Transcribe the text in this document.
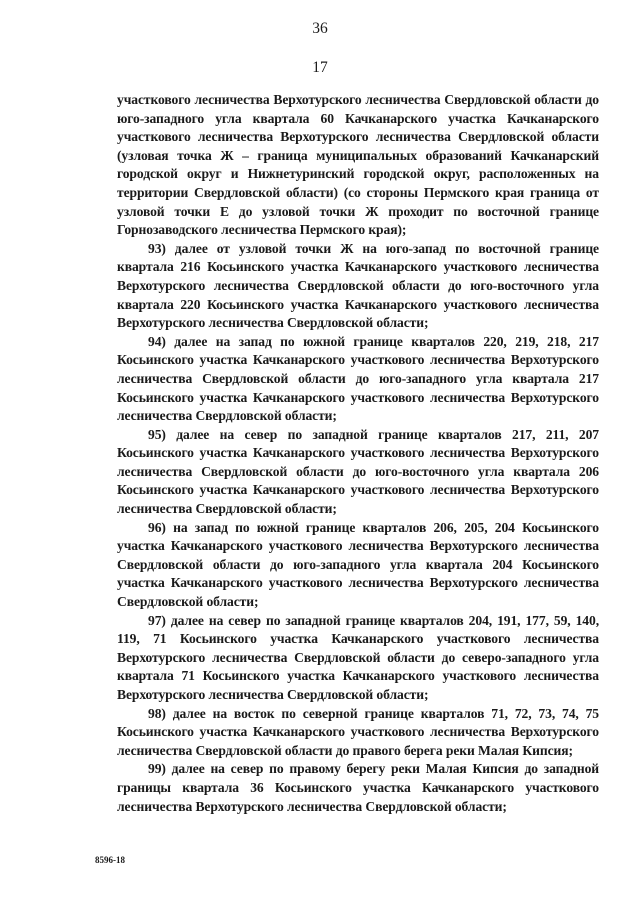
36
17

участкового лесничества Верхотурского лесничества Свердловской области до юго-западного угла квартала 60 Качканарского участка Качканарского участкового лесничества Верхотурского лесничества Свердловской области (узловая точка Ж – граница муниципальных образований Качканарский городской округ и Нижнетуринский городской округ, расположенных на территории Свердловской области) (со стороны Пермского края граница от узловой точки Е до узловой точки Ж проходит по восточной границе Горнозаводского лесничества Пермского края);

93) далее от узловой точки Ж на юго-запад по восточной границе квартала 216 Косьинского участка Качканарского участкового лесничества Верхотурского лесничества Свердловской области до юго-восточного угла квартала 220 Косьинского участка Качканарского участкового лесничества Верхотурского лесничества Свердловской области;

94) далее на запад по южной границе кварталов 220, 219, 218, 217 Косьинского участка Качканарского участкового лесничества Верхотурского лесничества Свердловской области до юго-западного угла квартала 217 Косьинского участка Качканарского участкового лесничества Верхотурского лесничества Свердловской области;

95) далее на север по западной границе кварталов 217, 211, 207 Косьинского участка Качканарского участкового лесничества Верхотурского лесничества Свердловской области до юго-восточного угла квартала 206 Косьинского участка Качканарского участкового лесничества Верхотурского лесничества Свердловской области;

96) на запад по южной границе кварталов 206, 205, 204 Косьинского участка Качканарского участкового лесничества Верхотурского лесничества Свердловской области до юго-западного угла квартала 204 Косьинского участка Качканарского участкового лесничества Верхотурского лесничества Свердловской области;

97) далее на север по западной границе кварталов 204, 191, 177, 59, 140, 119, 71 Косьинского участка Качканарского участкового лесничества Верхотурского лесничества Свердловской области до северо-западного угла квартала 71 Косьинского участка Качканарского участкового лесничества Верхотурского лесничества Свердловской области;

98) далее на восток по северной границе кварталов 71, 72, 73, 74, 75 Косьинского участка Качканарского участкового лесничества Верхотурского лесничества Свердловской области до правого берега реки Малая Кипсия;

99) далее на север по правому берегу реки Малая Кипсия до западной границы квартала 36 Косьинского участка Качканарского участкового лесничества Верхотурского лесничества Свердловской области;

8596-18
